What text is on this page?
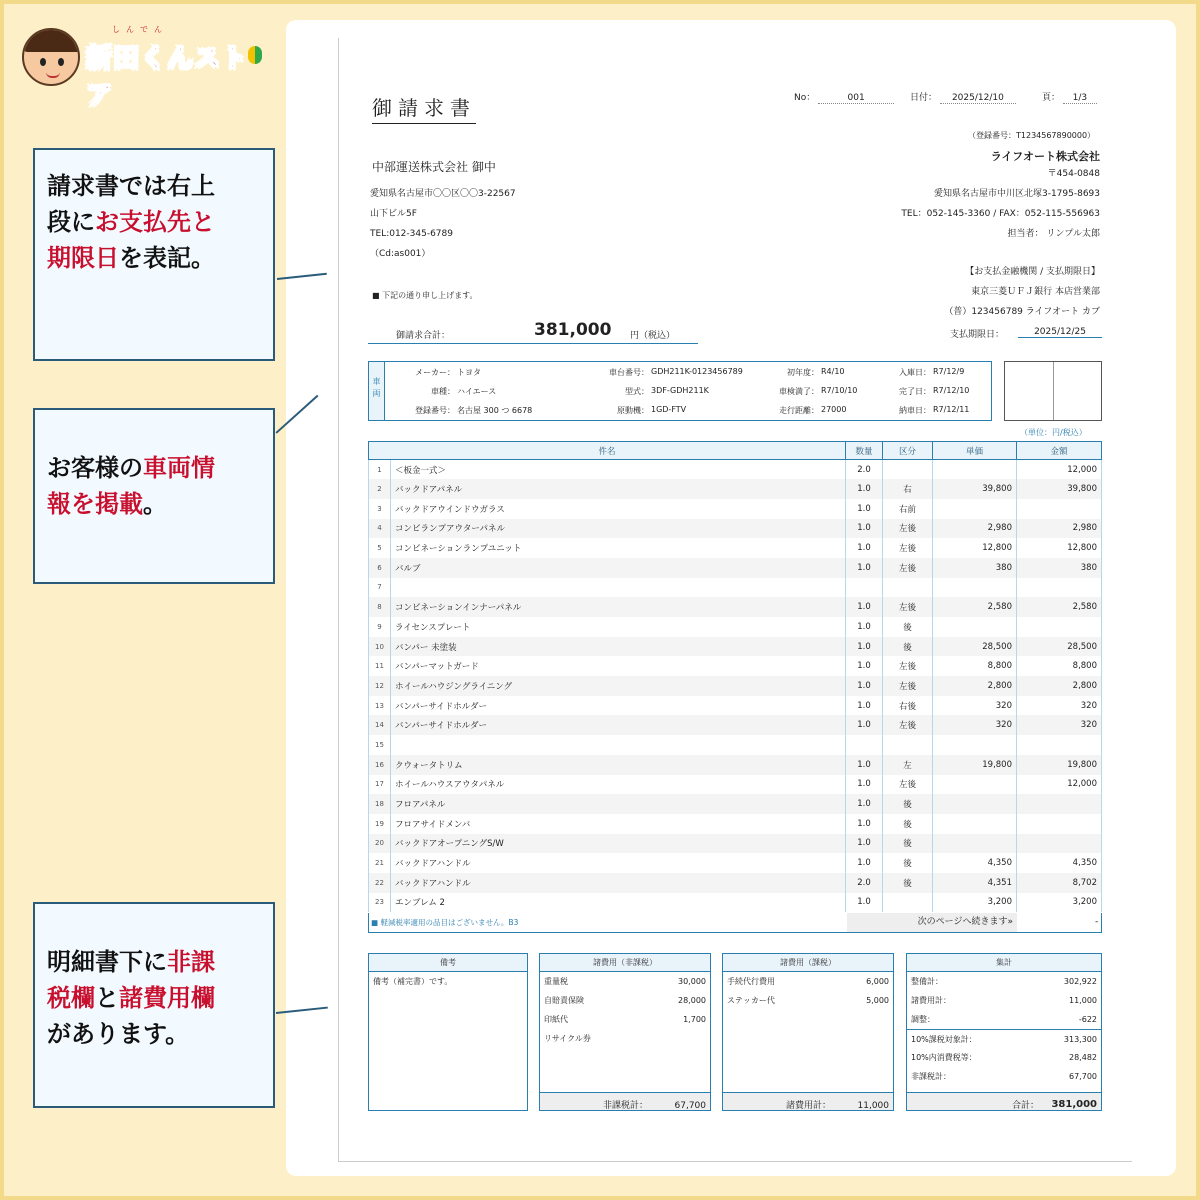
しんでん
新田くんストア
請求書では右上
段にお支払先と
期限日を表記。
お客様の車両情
報を掲載。
明細書下に非課
税欄と諸費用欄
があります。
御請求書	No：	001	日付： 2025/12/10	頁： 1/3
（登録番号：T1234567890000）
ライフオート株式会社
〒454-0848
愛知県名古屋市中川区北塚3-1795-8693
TEL：052-145-3360 / FAX：052-115-556963
担当者： リンプル太郎
中部運送株式会社 御中
愛知県名古屋市〇〇区〇〇3-22567
山下ビル5F
TEL:012-345-6789
（Cd:as001）
■ 下記の通り申し上げます。
【お支払金融機関 / 支払期限日】
東京三菱ＵＦＪ銀行 本店営業部
（普）123456789 ライフオート カブ
支払期限日：	2025/12/25
御請求合計：	381,000 円（税込）
車両
メーカー： トヨタ	車台番号： GDH211K-0123456789	初年度： R4/10	入庫日： R7/12/9
車種： ハイエース	型式： 3DF-GDH211K	車検満了： R7/10/10	完了日： R7/12/10
登録番号： 名古屋 300 つ 6678	原動機： 1GD-FTV	走行距離： 27000	納車日： R7/12/11
（単位：円/税込）
件名		数量	区分	単価	金額
1	＜板金一式＞	2.0			12,000
2	バックドアパネル	1.0	右	39,800	39,800
3	バックドアウインドウガラス	1.0	右前		
4	コンビランプアウターパネル	1.0	左後	2,980	2,980
5	コンビネーションランプユニット	1.0	左後	12,800	12,800
6	バルブ	1.0	左後	380	380
7					
8	コンビネーションインナーパネル	1.0	左後	2,580	2,580
9	ライセンスプレート	1.0	後		
10	バンパー 未塗装	1.0	後	28,500	28,500
11	バンパーマットガード	1.0	左後	8,800	8,800
12	ホイールハウジングライニング	1.0	左後	2,800	2,800
13	バンパーサイドホルダー	1.0	右後	320	320
14	バンパーサイドホルダー	1.0	左後	320	320
15					
16	クウォータトリム	1.0	左	19,800	19,800
17	ホイールハウスアウタパネル	1.0	左後		12,000
18	フロアパネル	1.0	後		
19	フロアサイドメンバ	1.0	後		
20	バックドアオープニングS/W	1.0	後		
21	バックドアハンドル	1.0	後	4,350	4,350
22	バックドアハンドル	2.0	後	4,351	8,702
23	エンブレム 2	1.0		3,200	3,200
■ 軽減税率適用の品目はございません。B3	次のページへ続きます»	-
備考
備考（補完書）です。
諸費用（非課税）
重量税	30,000
自賠責保険	28,000
印紙代	1,700
リサイクル券
非課税計：	67,700
諸費用（課税）
手続代行費用	6,000
ステッカー代	5,000
諸費用計：	11,000
集計
整備計：	302,922
諸費用計：	11,000
調整：	-622
10%課税対象計：	313,300
10%内消費税等：	28,482
非課税計：	67,700
合計： 381,000
